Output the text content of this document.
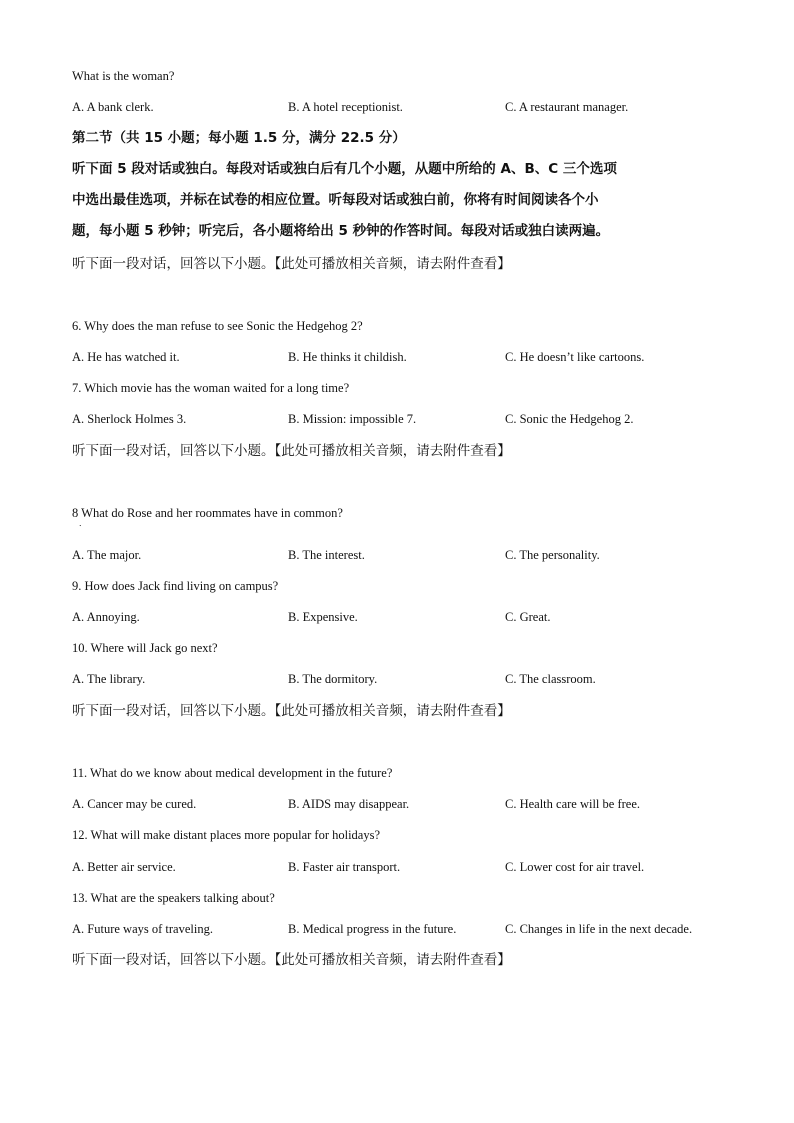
What is the woman?
A. A bank clerk.	B. A hotel receptionist.	C. A restaurant manager.
第二节（共 15 小题；每小题 1.5 分，满分 22.5 分）
听下面 5 段对话或独白。每段对话或独白后有几个小题，从题中所给的 A、B、C 三个选项
中选出最佳选项，并标在试卷的相应位置。听每段对话或独白前，你将有时间阅读各个小
题，每小题 5 秒钟；听完后，各小题将给出 5 秒钟的作答时间。每段对话或独白读两遍。
听下面一段对话，回答以下小题。【此处可播放相关音频，请去附件查看】
6. Why does the man refuse to see Sonic the Hedgehog 2?
A. He has watched it.	B. He thinks it childish.	C. He doesn’t like cartoons.
7. Which movie has the woman waited for a long time?
A. Sherlock Holmes 3.	B. Mission: impossible 7.	C. Sonic the Hedgehog 2.
听下面一段对话，回答以下小题。【此处可播放相关音频，请去附件查看】
8 What do Rose and her roommates have in common?
．
A. The major.	B. The interest.	C. The personality.
9. How does Jack find living on campus?
A. Annoying.	B. Expensive.	C. Great.
10. Where will Jack go next?
A. The library.	B. The dormitory.	C. The classroom.
听下面一段对话，回答以下小题。【此处可播放相关音频，请去附件查看】
11. What do we know about medical development in the future?
A. Cancer may be cured.	B. AIDS may disappear.	C. Health care will be free.
12. What will make distant places more popular for holidays?
A. Better air service.	B. Faster air transport.	C. Lower cost for air travel.
13. What are the speakers talking about?
A. Future ways of traveling.	B. Medical progress in the future.	C. Changes in life in the next decade.
听下面一段对话，回答以下小题。【此处可播放相关音频，请去附件查看】
